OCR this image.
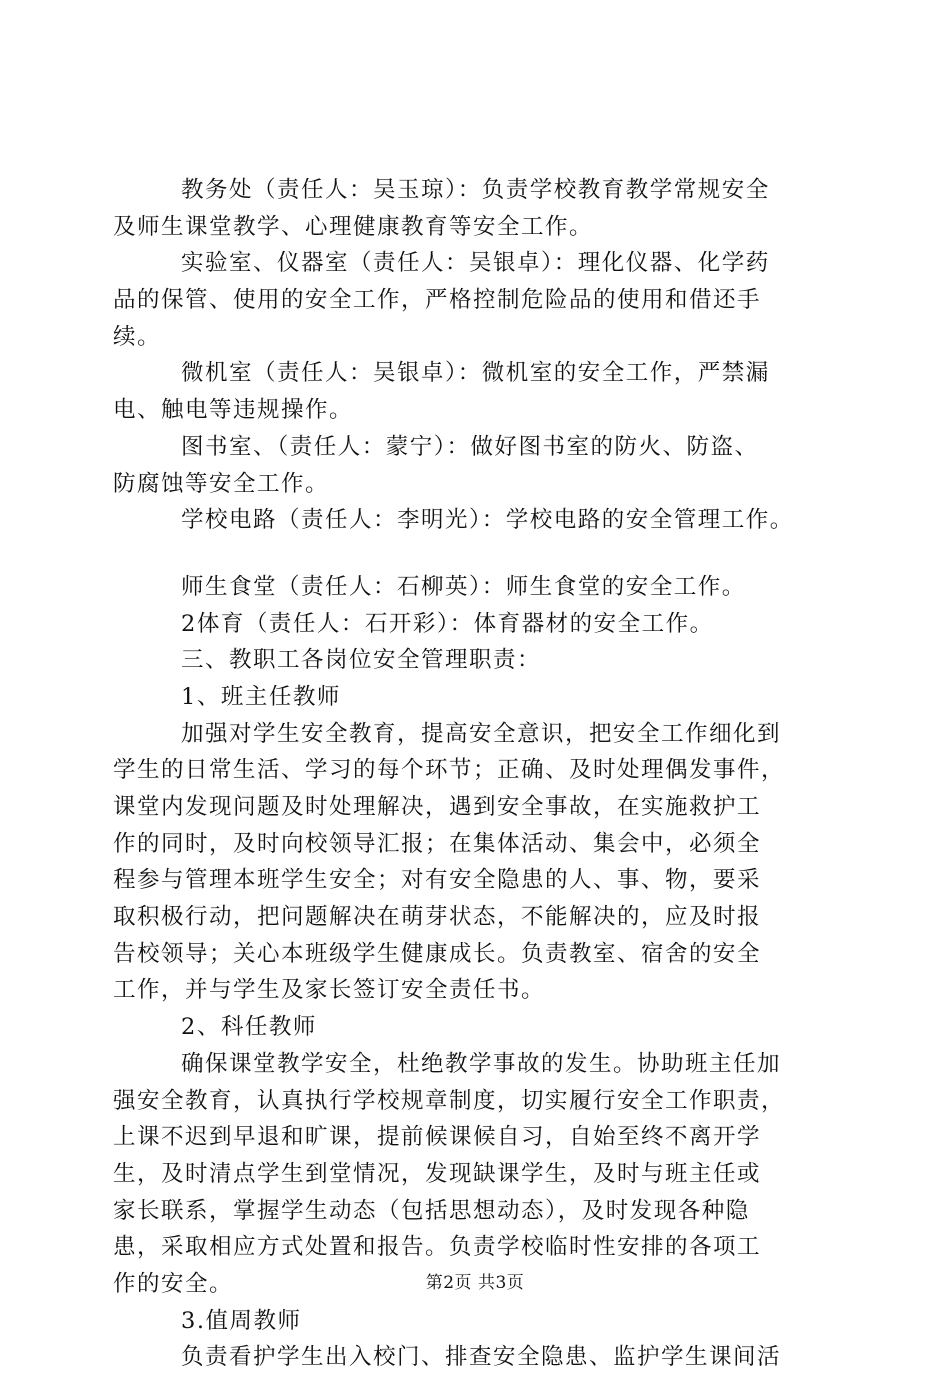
教务处（责任人：吴玉琼）：负责学校教育教学常规安全
及师生课堂教学、心理健康教育等安全工作。
实验室、仪器室（责任人：吴银卓）：理化仪器、化学药
品的保管、使用的安全工作，严格控制危险品的使用和借还手
续。
微机室（责任人：吴银卓）：微机室的安全工作，严禁漏
电、触电等违规操作。
图书室、（责任人：蒙宁）：做好图书室的防火、防盗、
防腐蚀等安全工作。
学校电路（责任人：李明光）：学校电路的安全管理工作。
师生食堂（责任人：石柳英）：师生食堂的安全工作。
2体育（责任人：石开彩）：体育器材的安全工作。
三、教职工各岗位安全管理职责：
1、班主任教师
加强对学生安全教育，提高安全意识，把安全工作细化到
学生的日常生活、学习的每个环节；正确、及时处理偶发事件，
课堂内发现问题及时处理解决，遇到安全事故，在实施救护工
作的同时，及时向校领导汇报；在集体活动、集会中，必须全
程参与管理本班学生安全；对有安全隐患的人、事、物，要采
取积极行动，把问题解决在萌芽状态，不能解决的，应及时报
告校领导；关心本班级学生健康成长。负责教室、宿舍的安全
工作，并与学生及家长签订安全责任书。
2、科任教师
确保课堂教学安全，杜绝教学事故的发生。协助班主任加
强安全教育，认真执行学校规章制度，切实履行安全工作职责，
上课不迟到早退和旷课，提前候课候自习，自始至终不离开学
生，及时清点学生到堂情况，发现缺课学生，及时与班主任或
家长联系，掌握学生动态（包括思想动态），及时发现各种隐
患，采取相应方式处置和报告。负责学校临时性安排的各项工
作的安全。
3.值周教师
负责看护学生出入校门、排查安全隐患、监护学生课间活
第2页 共3页
